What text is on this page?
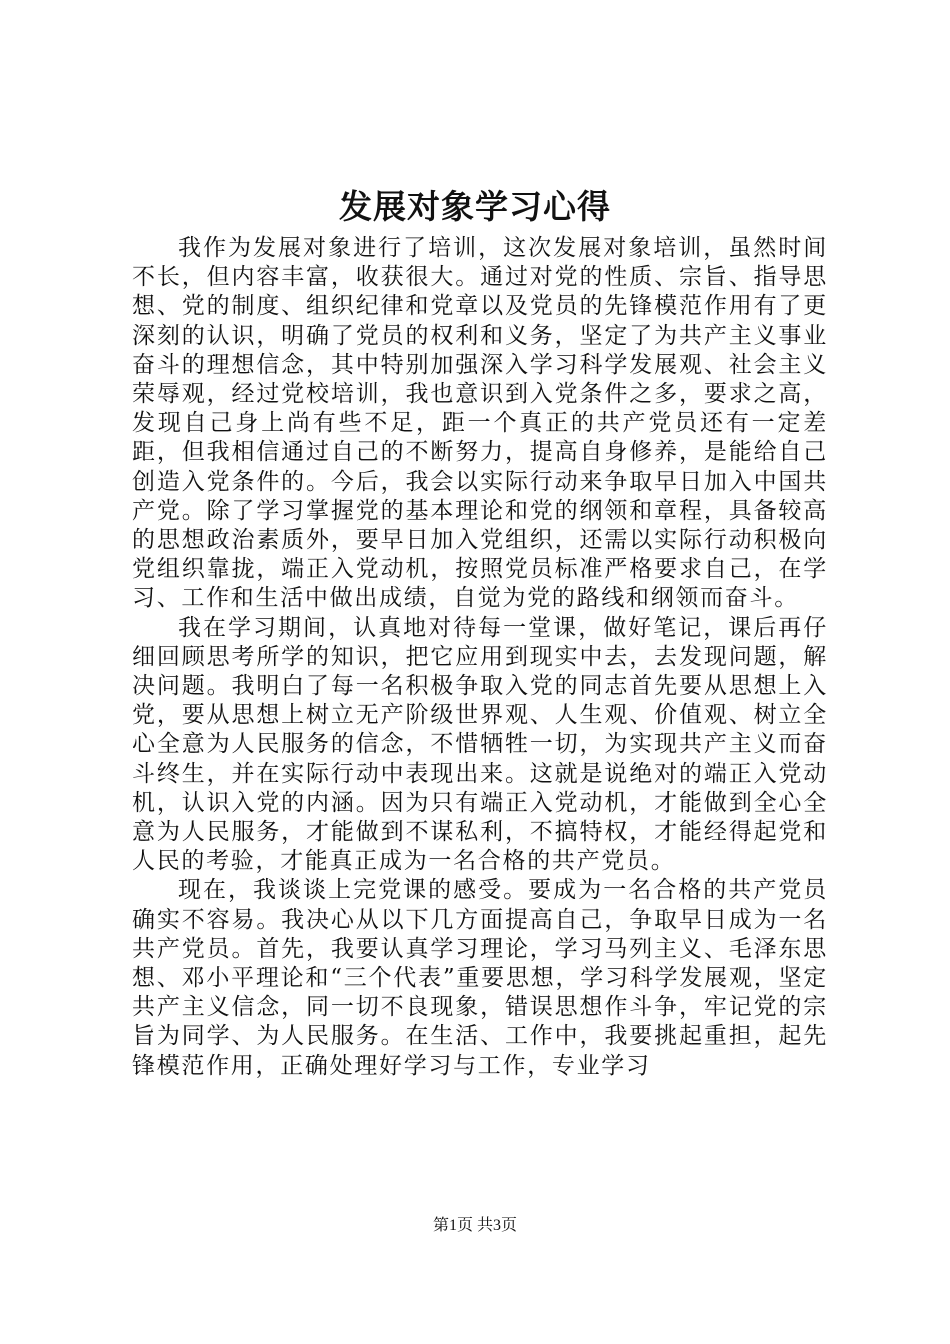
发展对象学习心得

我作为发展对象进行了培训，这次发展对象培训，虽然时间不长，但内容丰富，收获很大。通过对党的性质、宗旨、指导思想、党的制度、组织纪律和党章以及党员的先锋模范作用有了更深刻的认识，明确了党员的权利和义务，坚定了为共产主义事业奋斗的理想信念，其中特别加强深入学习科学发展观、社会主义荣辱观，经过党校培训，我也意识到入党条件之多，要求之高，发现自己身上尚有些不足，距一个真正的共产党员还有一定差距，但我相信通过自己的不断努力，提高自身修养，是能给自己创造入党条件的。今后，我会以实际行动来争取早日加入中国共产党。除了学习掌握党的基本理论和党的纲领和章程，具备较高的思想政治素质外，要早日加入党组织，还需以实际行动积极向党组织靠拢，端正入党动机，按照党员标准严格要求自己，在学习、工作和生活中做出成绩，自觉为党的路线和纲领而奋斗。

我在学习期间，认真地对待每一堂课，做好笔记，课后再仔细回顾思考所学的知识，把它应用到现实中去，去发现问题，解决问题。我明白了每一名积极争取入党的同志首先要从思想上入党，要从思想上树立无产阶级世界观、人生观、价值观、树立全心全意为人民服务的信念，不惜牺牲一切，为实现共产主义而奋斗终生，并在实际行动中表现出来。这就是说绝对的端正入党动机，认识入党的内涵。因为只有端正入党动机，才能做到全心全意为人民服务，才能做到不谋私利，不搞特权，才能经得起党和人民的考验，才能真正成为一名合格的共产党员。

现在，我谈谈上完党课的感受。要成为一名合格的共产党员确实不容易。我决心从以下几方面提高自己，争取早日成为一名共产党员。首先，我要认真学习理论，学习马列主义、毛泽东思想、邓小平理论和“三个代表”重要思想，学习科学发展观，坚定共产主义信念，同一切不良现象，错误思想作斗争，牢记党的宗旨为同学、为人民服务。在生活、工作中，我要挑起重担，起先锋模范作用，正确处理好学习与工作，专业学习

第1页 共3页
